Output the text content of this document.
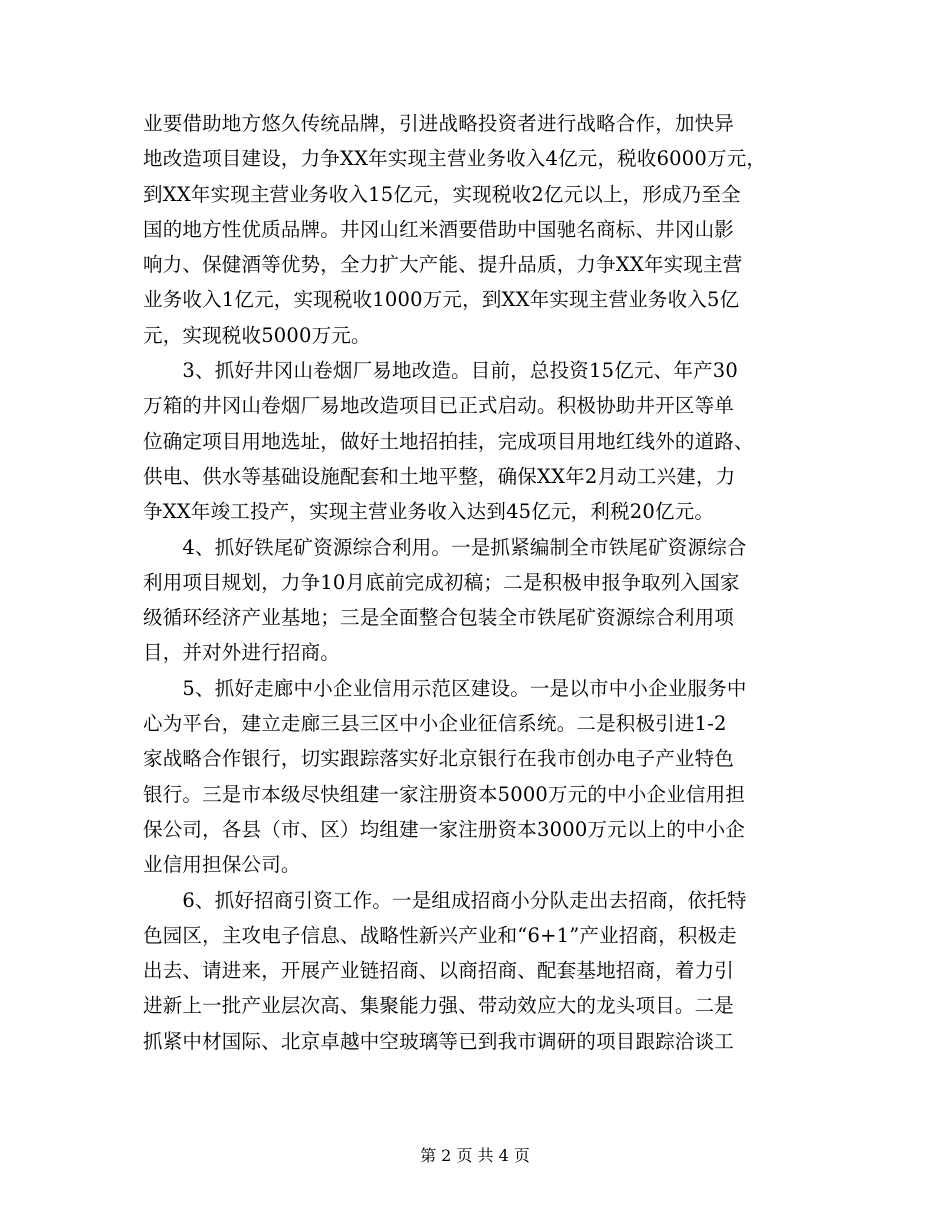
业要借助地方悠久传统品牌，引进战略投资者进行战略合作，加快异
地改造项目建设，力争XX年实现主营业务收入4亿元，税收6000万元，
到XX年实现主营业务收入15亿元，实现税收2亿元以上，形成乃至全
国的地方性优质品牌。井冈山红米酒要借助中国驰名商标、井冈山影
响力、保健酒等优势，全力扩大产能、提升品质，力争XX年实现主营
业务收入1亿元，实现税收1000万元，到XX年实现主营业务收入5亿
元，实现税收5000万元。
　　3、抓好井冈山卷烟厂易地改造。目前，总投资15亿元、年产30
万箱的井冈山卷烟厂易地改造项目已正式启动。积极协助井开区等单
位确定项目用地选址，做好土地招拍挂，完成项目用地红线外的道路、
供电、供水等基础设施配套和土地平整，确保XX年2月动工兴建，力
争XX年竣工投产，实现主营业务收入达到45亿元，利税20亿元。
　　4、抓好铁尾矿资源综合利用。一是抓紧编制全市铁尾矿资源综合
利用项目规划，力争10月底前完成初稿；二是积极申报争取列入国家
级循环经济产业基地；三是全面整合包装全市铁尾矿资源综合利用项
目，并对外进行招商。
　　5、抓好走廊中小企业信用示范区建设。一是以市中小企业服务中
心为平台，建立走廊三县三区中小企业征信系统。二是积极引进1-2
家战略合作银行，切实跟踪落实好北京银行在我市创办电子产业特色
银行。三是市本级尽快组建一家注册资本5000万元的中小企业信用担
保公司，各县（市、区）均组建一家注册资本3000万元以上的中小企
业信用担保公司。
　　6、抓好招商引资工作。一是组成招商小分队走出去招商，依托特
色园区，主攻电子信息、战略性新兴产业和“6+1”产业招商，积极走
出去、请进来，开展产业链招商、以商招商、配套基地招商，着力引
进新上一批产业层次高、集聚能力强、带动效应大的龙头项目。二是
抓紧中材国际、北京卓越中空玻璃等已到我市调研的项目跟踪洽谈工
第 2 页 共 4 页
